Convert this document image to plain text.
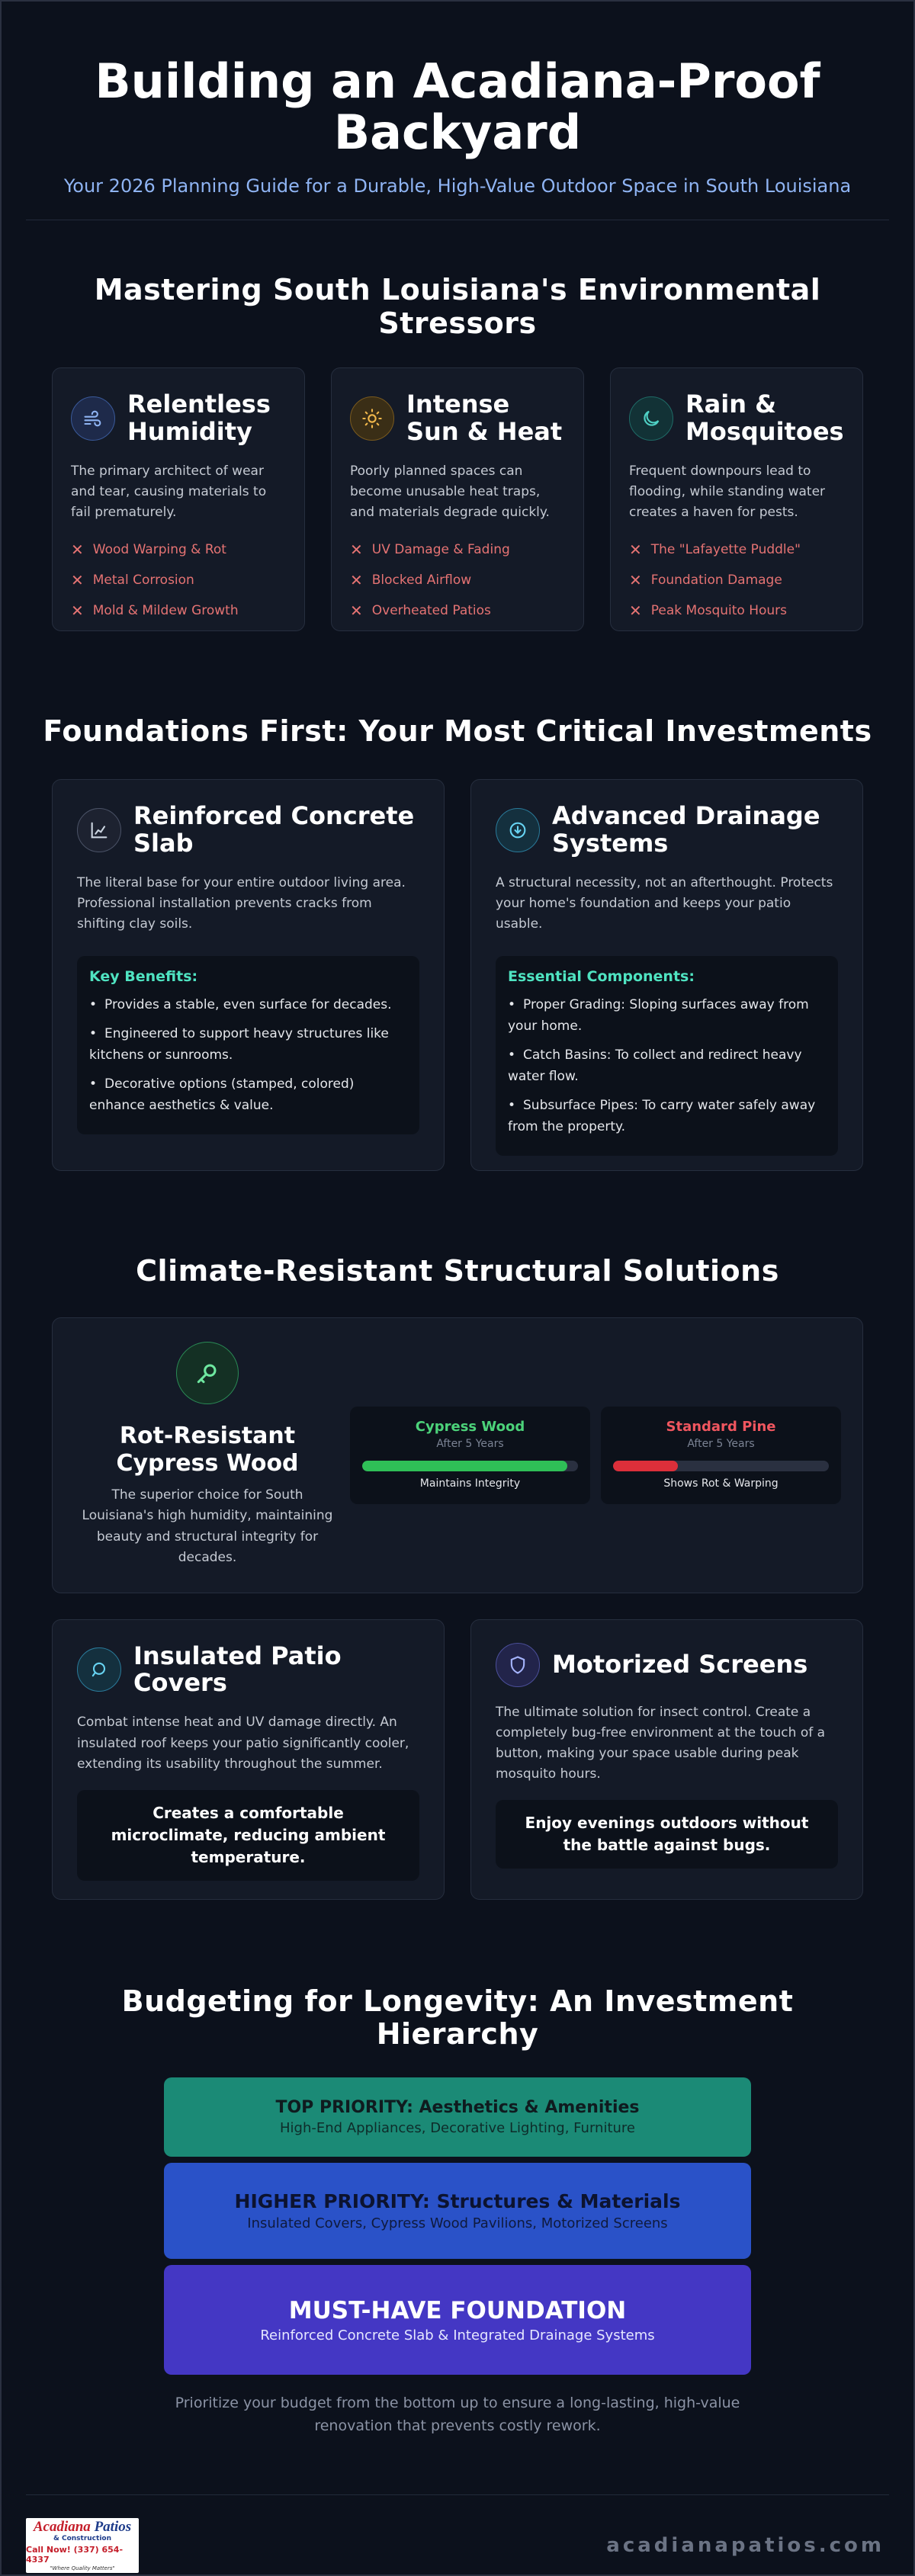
Building an Acadiana-Proof Backyard
Your 2026 Planning Guide for a Durable, High-Value Outdoor Space in South Louisiana
Mastering South Louisiana's Environmental Stressors
Relentless Humidity

The primary architect of wear and tear, causing materials to fail prematurely.

✕ Wood Warping & Rot
✕ Metal Corrosion
✕ Mold & Mildew Growth
Intense Sun & Heat

Poorly planned spaces can become unusable heat traps, and materials degrade quickly.

✕ UV Damage & Fading
✕ Blocked Airflow
✕ Overheated Patios
Rain & Mosquitoes

Frequent downpours lead to flooding, while standing water creates a haven for pests.

✕ The "Lafayette Puddle"
✕ Foundation Damage
✕ Peak Mosquito Hours
Foundations First: Your Most Critical Investments
Reinforced Concrete Slab

The literal base for your entire outdoor living area. Professional installation prevents cracks from shifting clay soils.

Key Benefits:
• Provides a stable, even surface for decades.
• Engineered to support heavy structures like kitchens or sunrooms.
• Decorative options (stamped, colored) enhance aesthetics & value.
Advanced Drainage Systems

A structural necessity, not an afterthought. Protects your home's foundation and keeps your patio usable.

Essential Components:
• Proper Grading: Sloping surfaces away from your home.
• Catch Basins: To collect and redirect heavy water flow.
• Subsurface Pipes: To carry water safely away from the property.
Climate-Resistant Structural Solutions
Rot-Resistant Cypress Wood

The superior choice for South Louisiana's high humidity, maintaining beauty and structural integrity for decades.

Cypress Wood
After 5 Years
Maintains Integrity
Standard Pine
After 5 Years
Shows Rot & Warping
Insulated Patio Covers

Combat intense heat and UV damage directly. An insulated roof keeps your patio significantly cooler, extending its usability throughout the summer.

Creates a comfortable microclimate, reducing ambient temperature.
Motorized Screens

The ultimate solution for insect control. Create a completely bug-free environment at the touch of a button, making your space usable during peak mosquito hours.

Enjoy evenings outdoors without the battle against bugs.
Budgeting for Longevity: An Investment Hierarchy
TOP PRIORITY: Aesthetics & Amenities
High-End Appliances, Decorative Lighting, Furniture
HIGHER PRIORITY: Structures & Materials
Insulated Covers, Cypress Wood Pavilions, Motorized Screens
MUST-HAVE FOUNDATION
Reinforced Concrete Slab & Integrated Drainage Systems

Prioritize your budget from the bottom up to ensure a long-lasting, high-value renovation that prevents costly rework.

Acadiana Patios
& Construction
Call Now! (337) 654-4337
"Where Quality Matters"
acadianapatios.com
